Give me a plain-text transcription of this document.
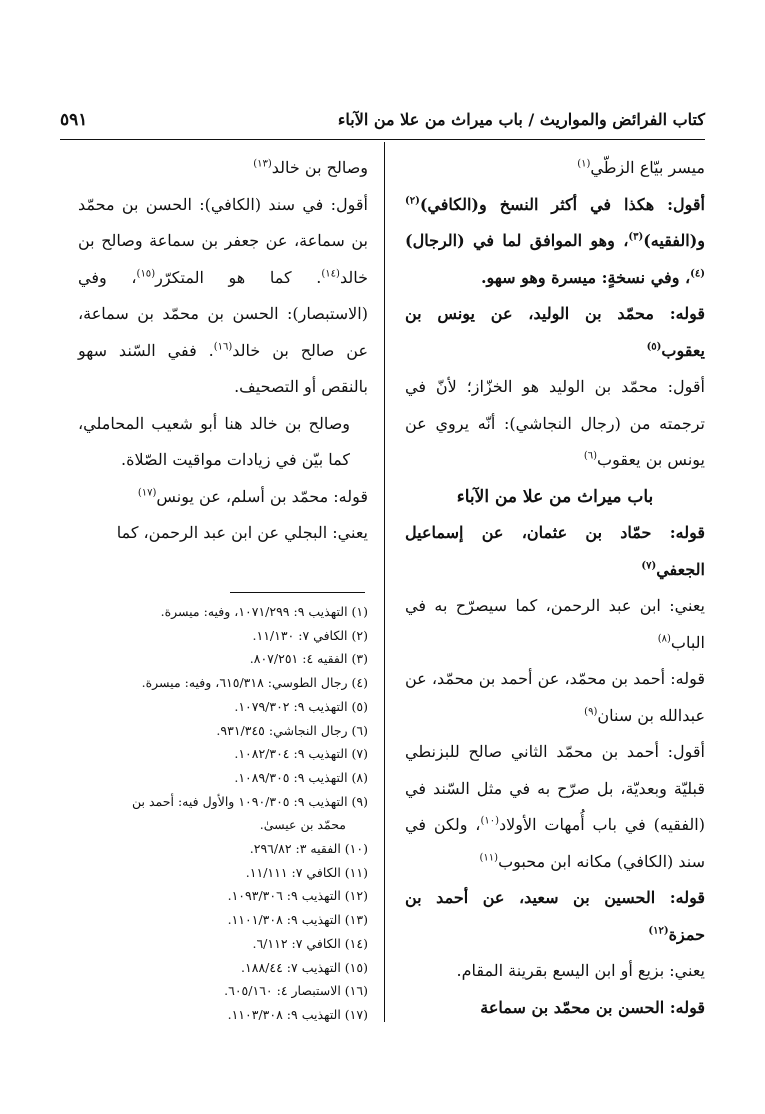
كتاب الفرائض والمواريث / باب ميراث من علا من الآباء
٥٩١

ميسر بيّاع الزطّي$^{(١)}$

أقول: هكذا في أكثر النسخ و(الكافي)$^{(٢)}$ و(الفقيه)$^{(٣)}$، وهو الموافق لما في (الرجال)$^{(٤)}$، وفي نسخةٍ: ميسرة وهو سهو.

قوله: محمّد بن الوليد، عن يونس بن يعقوب$^{(٥)}$

أقول: محمّد بن الوليد هو الخزّاز؛ لأنّ في ترجمته من (رجال النجاشي): أنّه يروي عن يونس بن يعقوب$^{(٦)}$

باب ميراث من علا من الآباء

قوله: حمّاد بن عثمان، عن إسماعيل الجعفي$^{(٧)}$

يعني: ابن عبد الرحمن، كما سيصرّح به في الباب$^{(٨)}$

قوله: أحمد بن محمّد، عن أحمد بن محمّد، عن عبدالله بن سنان$^{(٩)}$

أقول: أحمد بن محمّد الثاني صالح للبزنطي قبليّة وبعديّة، بل صرّح به في مثل السّند في (الفقيه) في باب أُمهات الأولاد$^{(١٠)}$، ولكن في سند (الكافي) مكانه ابن محبوب$^{(١١)}$

قوله: الحسين بن سعيد، عن أحمد بن حمزة$^{(١٢)}$

يعني: بزيع أو ابن اليسع بقرينة المقام.

قوله: الحسن بن محمّد بن سماعة

وصالح بن خالد$^{(١٣)}$

أقول: في سند (الكافي): الحسن بن محمّد بن سماعة، عن جعفر بن سماعة وصالح بن خالد$^{(١٤)}$. كما هو المتكرّر$^{(١٥)}$، وفي (الاستبصار): الحسن بن محمّد بن سماعة، عن صالح بن خالد$^{(١٦)}$. ففي السّند سهو بالنقص أو التصحيف.

وصالح بن خالد هنا أبو شعيب المحاملي، كما بيّن في زيادات مواقيت الصّلاة.

قوله: محمّد بن أسلم، عن يونس$^{(١٧)}$

يعني: البجلي عن ابن عبد الرحمن، كما

(١) التهذيب ٩: ١٠٧١/٢٩٩، وفيه: ميسرة.
(٢) الكافي ٧: ١١/١٣٠.
(٣) الفقيه ٤: ٨٠٧/٢٥١.
(٤) رجال الطوسي: ٦١٥/٣١٨، وفيه: ميسرة.
(٥) التهذيب ٩: ١٠٧٩/٣٠٢.
(٦) رجال النجاشي: ٩٣١/٣٤٥.
(٧) التهذيب ٩: ١٠٨٢/٣٠٤.
(٨) التهذيب ٩: ١٠٨٩/٣٠٥.
(٩) التهذيب ٩: ١٠٩٠/٣٠٥ والأول فيه: أحمد بن
محمّد بن عيسىٰ.
(١٠) الفقيه ٣: ٢٩٦/٨٢.
(١١) الكافي ٧: ١١/١١١.
(١٢) التهذيب ٩: ١٠٩٣/٣٠٦.
(١٣) التهذيب ٩: ١١٠١/٣٠٨.
(١٤) الكافي ٧: ٦/١١٢.
(١٥) التهذيب ٧: ١٨٨/٤٤.
(١٦) الاستبصار ٤: ٦٠٥/١٦٠.
(١٧) التهذيب ٩: ١١٠٣/٣٠٨.
